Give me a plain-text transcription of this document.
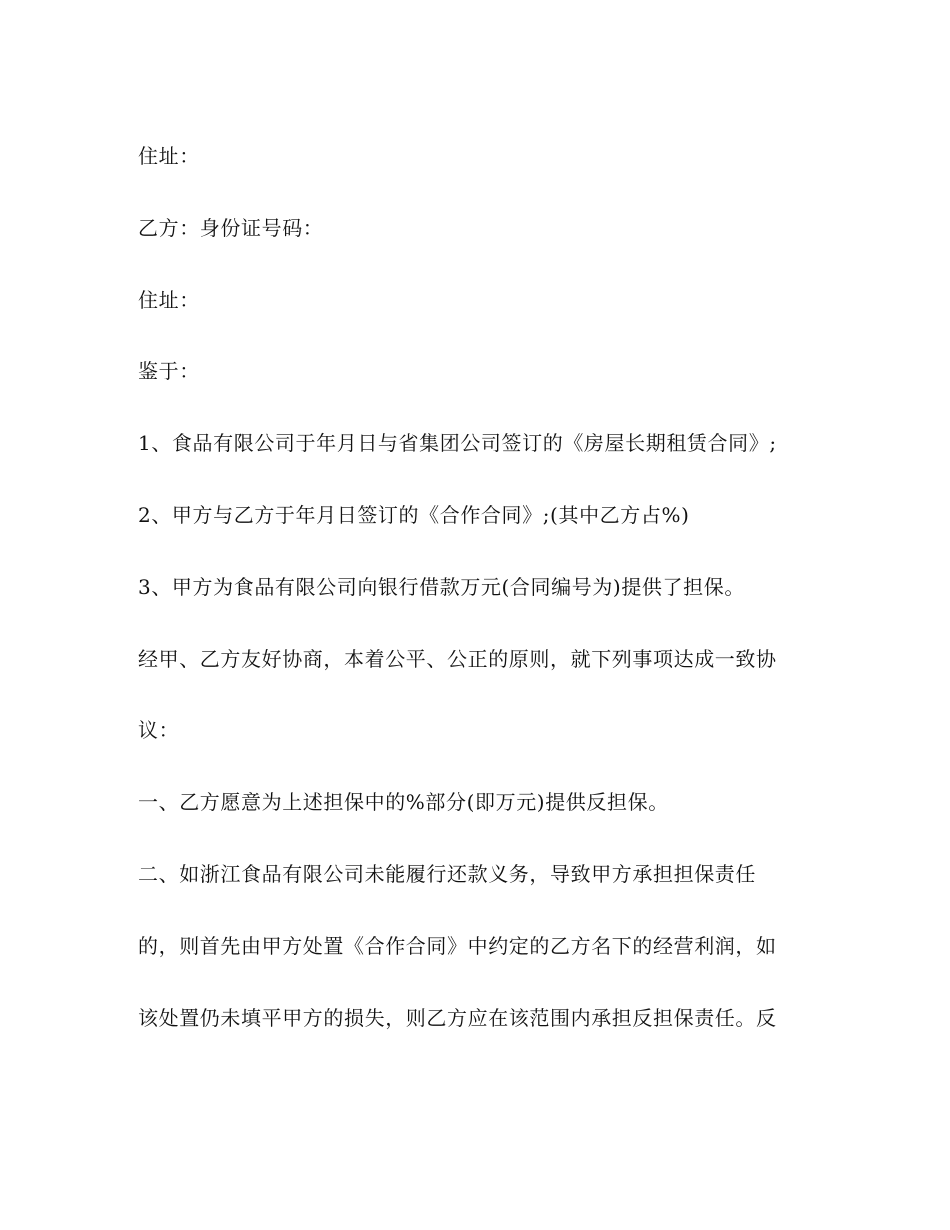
住址：
乙方：身份证号码：
住址：
鉴于：
1、食品有限公司于年月日与省集团公司签订的《房屋长期租赁合同》;
2、甲方与乙方于年月日签订的《合作合同》;(其中乙方占%)
3、甲方为食品有限公司向银行借款万元(合同编号为)提供了担保。
经甲、乙方友好协商，本着公平、公正的原则，就下列事项达成一致协
议：
一、乙方愿意为上述担保中的%部分(即万元)提供反担保。
二、如浙江食品有限公司未能履行还款义务，导致甲方承担担保责任
的，则首先由甲方处置《合作合同》中约定的乙方名下的经营利润，如
该处置仍未填平甲方的损失，则乙方应在该范围内承担反担保责任。反
